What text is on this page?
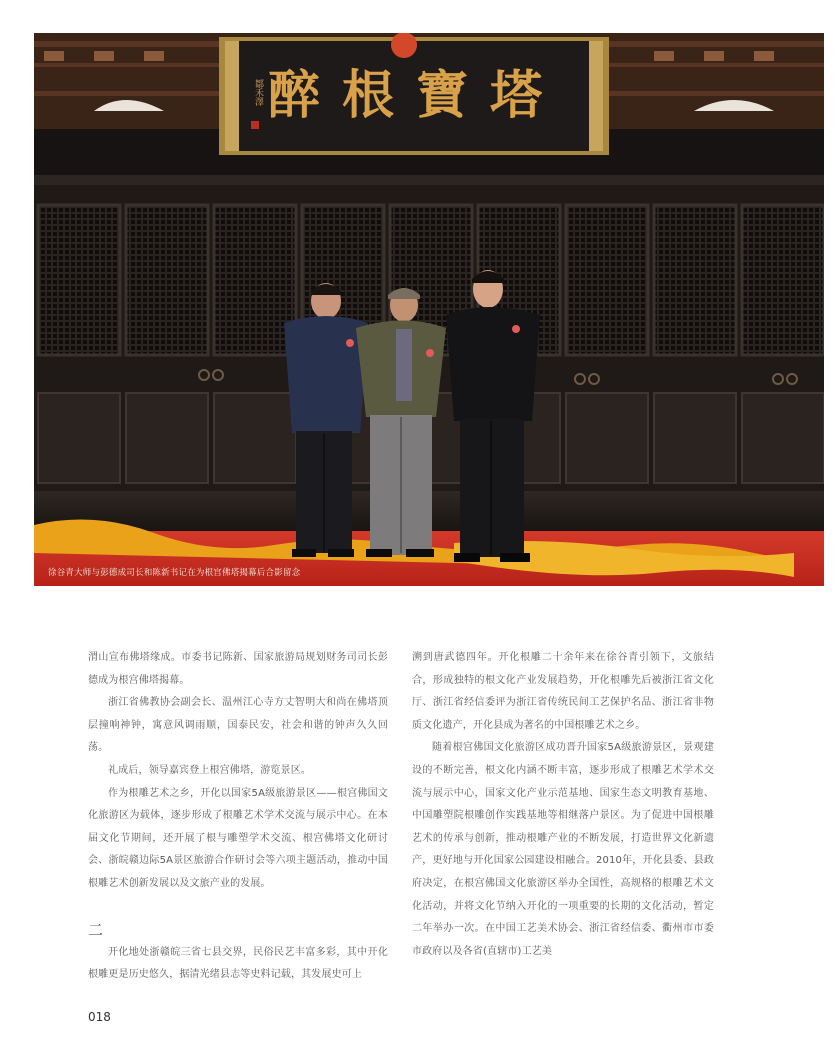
醉根寶塔
鄒禾澤
徐谷青大师与彭德成司长和陈新书记在为根宫佛塔揭幕后合影留念

渭山宣布佛塔缘成。市委书记陈新、国家旅游局规划财务司司长彭德成为根宫佛塔揭幕。

浙江省佛教协会副会长、温州江心寺方丈智明大和尚在佛塔顶层撞响神钟，寓意风调雨顺，国泰民安，社会和谐的钟声久久回荡。

礼成后，领导嘉宾登上根宫佛塔，游览景区。

作为根雕艺术之乡，开化以国家5A级旅游景区——根宫佛国文化旅游区为载体，逐步形成了根雕艺术学术交流与展示中心。在本届文化节期间，还开展了根与雕塑学术交流、根宫佛塔文化研讨会、浙皖赣边际5A景区旅游合作研讨会等六项主题活动，推动中国根雕艺术创新发展以及文旅产业的发展。

二

开化地处浙赣皖三省七县交界，民俗民艺丰富多彩，其中开化根雕更是历史悠久，据清光绪县志等史料记载，其发展史可上

溯到唐武德四年。开化根雕二十余年来在徐谷青引领下，文旅结合，形成独特的根文化产业发展趋势，开化根雕先后被浙江省文化厅、浙江省经信委评为浙江省传统民间工艺保护名品、浙江省非物质文化遗产，开化县成为著名的中国根雕艺术之乡。

随着根宫佛国文化旅游区成功晋升国家5A级旅游景区，景观建设的不断完善，根文化内涵不断丰富，逐步形成了根雕艺术学术交流与展示中心，国家文化产业示范基地、国家生态文明教育基地、中国雕塑院根雕创作实践基地等相继落户景区。为了促进中国根雕艺术的传承与创新，推动根雕产业的不断发展，打造世界文化新遗产，更好地与开化国家公园建设相融合。2010年，开化县委、县政府决定，在根宫佛国文化旅游区举办全国性，高规格的根雕艺术文化活动，并将文化节纳入开化的一项重要的长期的文化活动，暂定二年举办一次。在中国工艺美术协会、浙江省经信委、衢州市市委市政府以及各省(直辖市)工艺美

018
